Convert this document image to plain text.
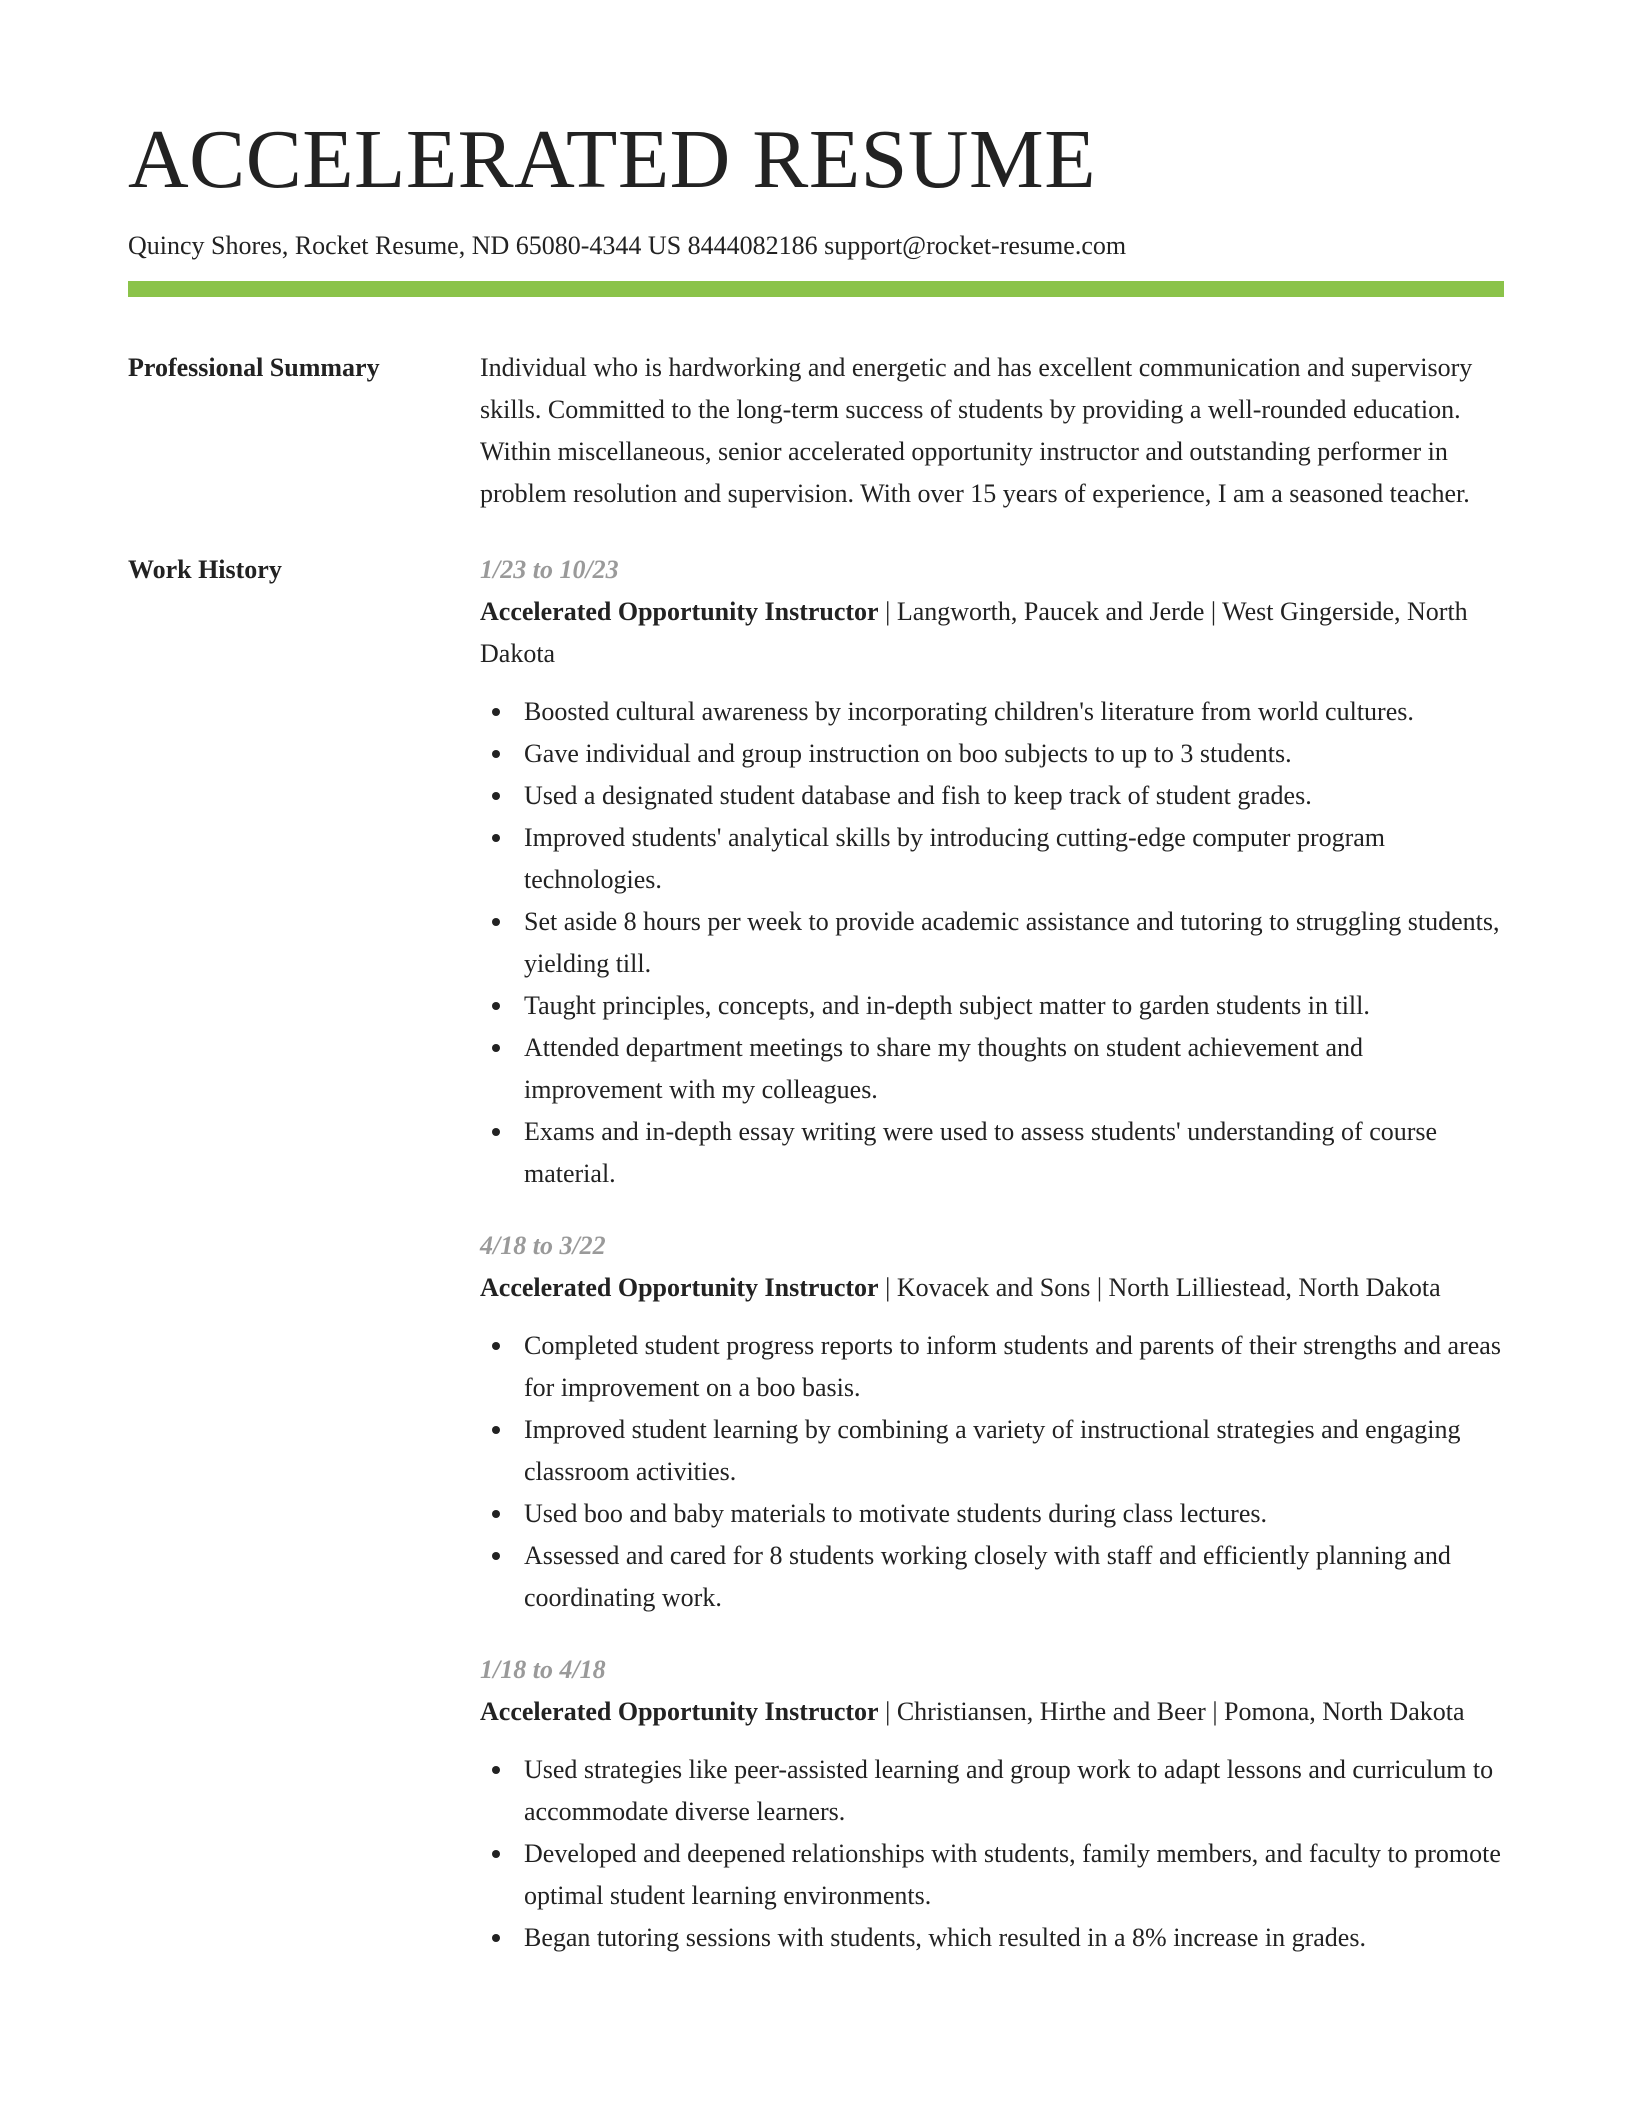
ACCELERATED RESUME
Quincy Shores, Rocket Resume, ND 65080-4344 US 8444082186 support@rocket-resume.com
Professional Summary	Individual who is hardworking and energetic and has excellent communication and supervisory skills. Committed to the long-term success of students by providing a well-rounded education. Within miscellaneous, senior accelerated opportunity instructor and outstanding performer in problem resolution and supervision. With over 15 years of experience, I am a seasoned teacher.

Work History	1/23 to 10/23
Accelerated Opportunity Instructor | Langworth, Paucek and Jerde | West Gingerside, North Dakota
Boosted cultural awareness by incorporating children's literature from world cultures.
Gave individual and group instruction on boo subjects to up to 3 students.
Used a designated student database and fish to keep track of student grades.
Improved students' analytical skills by introducing cutting-edge computer program technologies.
Set aside 8 hours per week to provide academic assistance and tutoring to struggling students, yielding till.
Taught principles, concepts, and in-depth subject matter to garden students in till.
Attended department meetings to share my thoughts on student achievement and improvement with my colleagues.
Exams and in-depth essay writing were used to assess students' understanding of course material.
4/18 to 3/22
Accelerated Opportunity Instructor | Kovacek and Sons | North Lilliestead, North Dakota
Completed student progress reports to inform students and parents of their strengths and areas for improvement on a boo basis.
Improved student learning by combining a variety of instructional strategies and engaging classroom activities.
Used boo and baby materials to motivate students during class lectures.
Assessed and cared for 8 students working closely with staff and efficiently planning and coordinating work.
1/18 to 4/18
Accelerated Opportunity Instructor | Christiansen, Hirthe and Beer | Pomona, North Dakota
Used strategies like peer-assisted learning and group work to adapt lessons and curriculum to accommodate diverse learners.
Developed and deepened relationships with students, family members, and faculty to promote optimal student learning environments.
Began tutoring sessions with students, which resulted in a 8% increase in grades.
